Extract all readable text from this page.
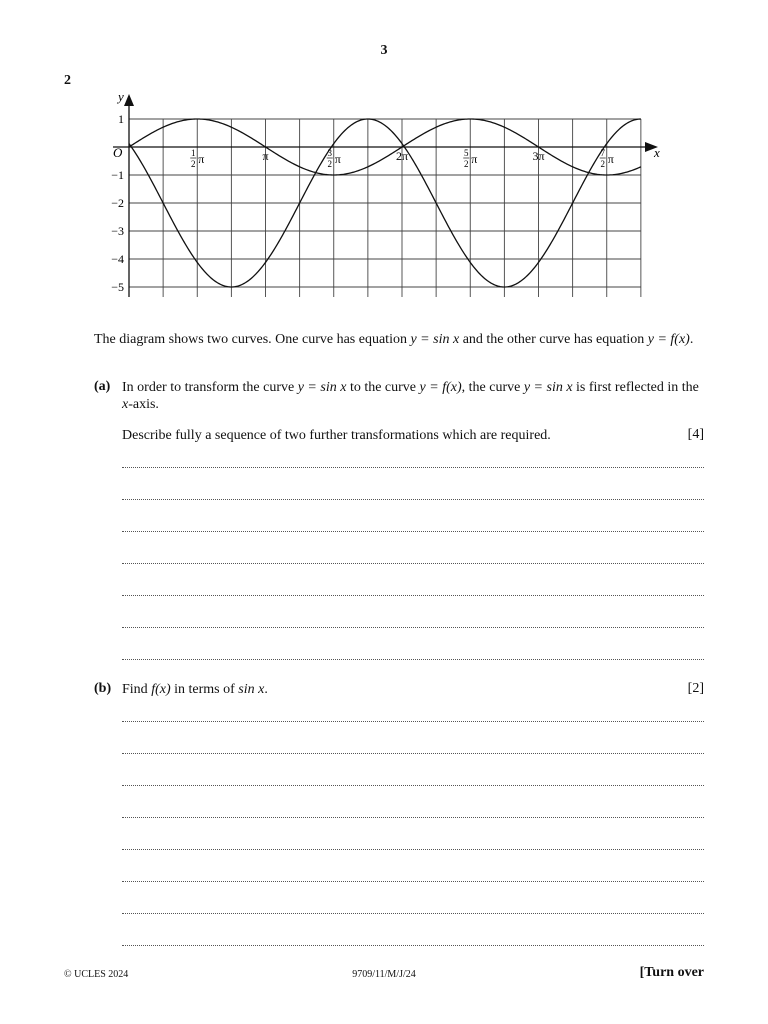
3
2
y
x
O
1
−1
−2
−3
−4
−5
1
2 π	π	3
2 π	2π	5
2 π	3π	7
2 π
The diagram shows two curves. One curve has equation y = sin x and the other curve has equation y = f(x).
(a) In order to transform the curve y = sin x to the curve y = f(x), the curve y = sin x is first reflected in the x-axis.
Describe fully a sequence of two further transformations which are required.	[4]
(b) Find f(x) in terms of sin x.	[2]
© UCLES 2024	9709/11/M/J/24	[Turn over
